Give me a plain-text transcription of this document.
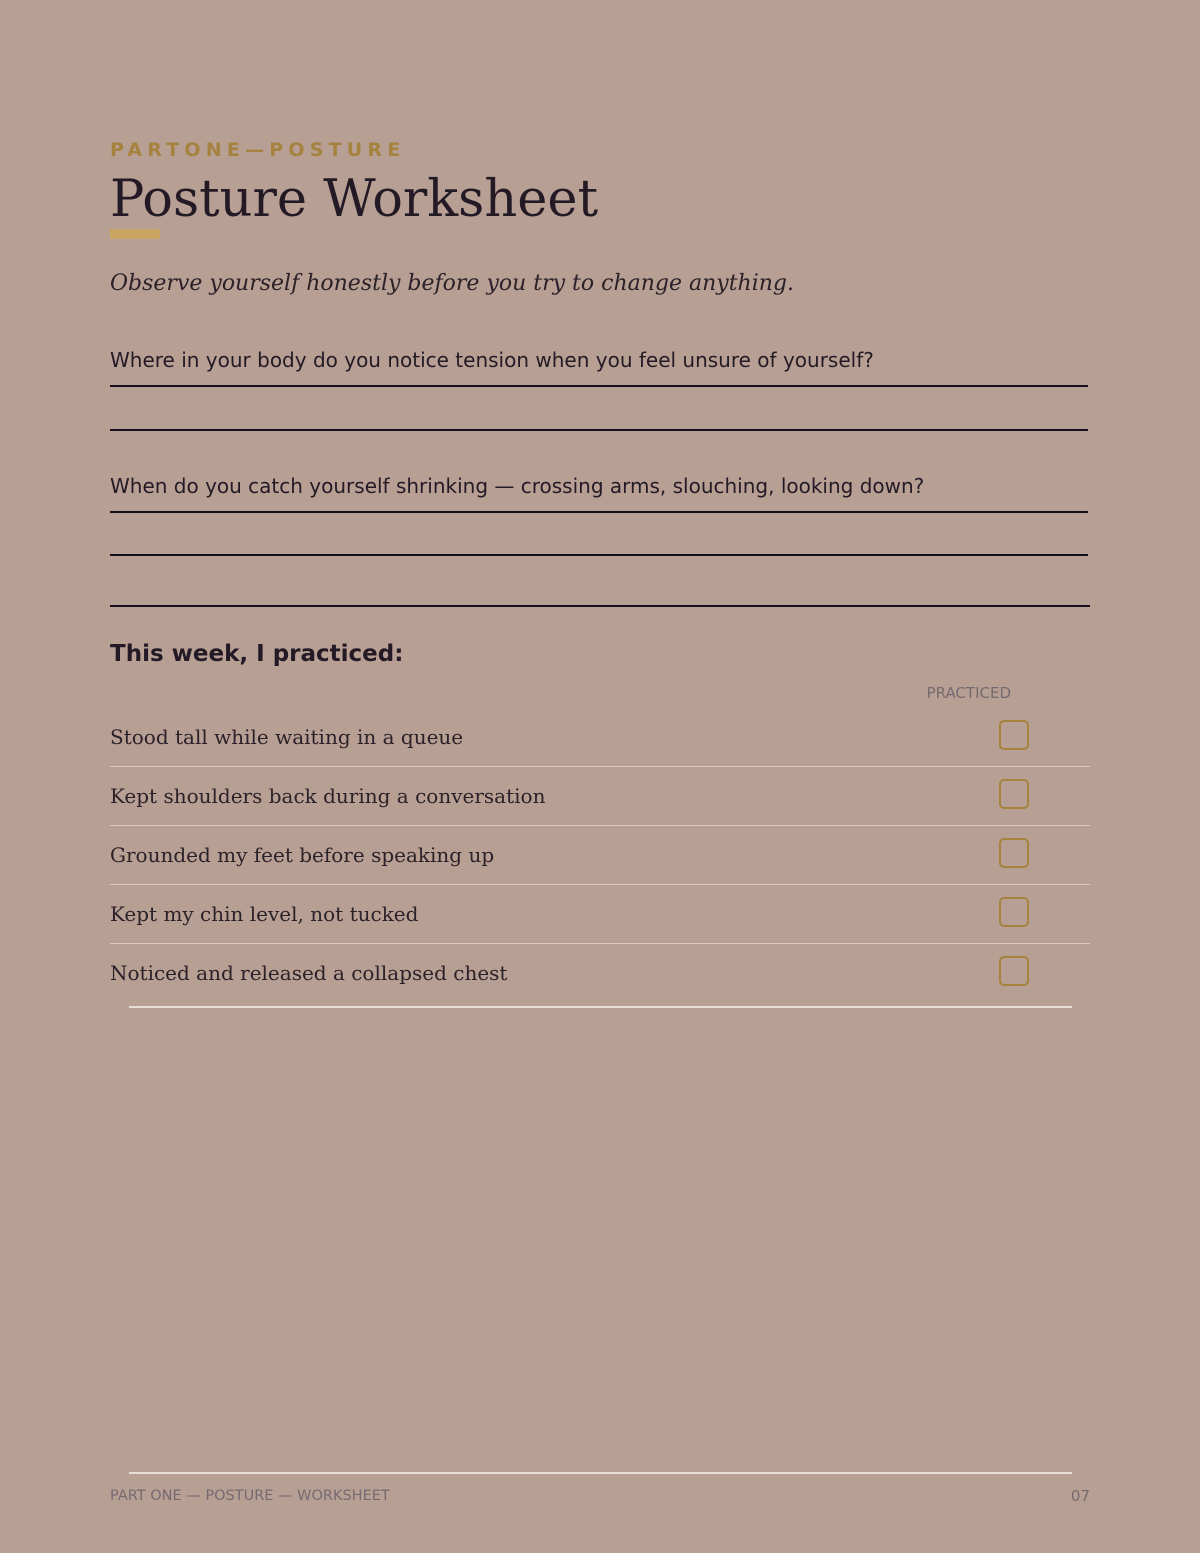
PARTONE—POSTURE
Posture Worksheet
Observe yourself honestly before you try to change anything.
Where in your body do you notice tension when you feel unsure of yourself?
When do you catch yourself shrinking — crossing arms, slouching, looking down?
This week, I practiced:
PRACTICED
Stood tall while waiting in a queue
Kept shoulders back during a conversation
Grounded my feet before speaking up
Kept my chin level, not tucked
Noticed and released a collapsed chest
PART ONE — POSTURE — WORKSHEET	07
